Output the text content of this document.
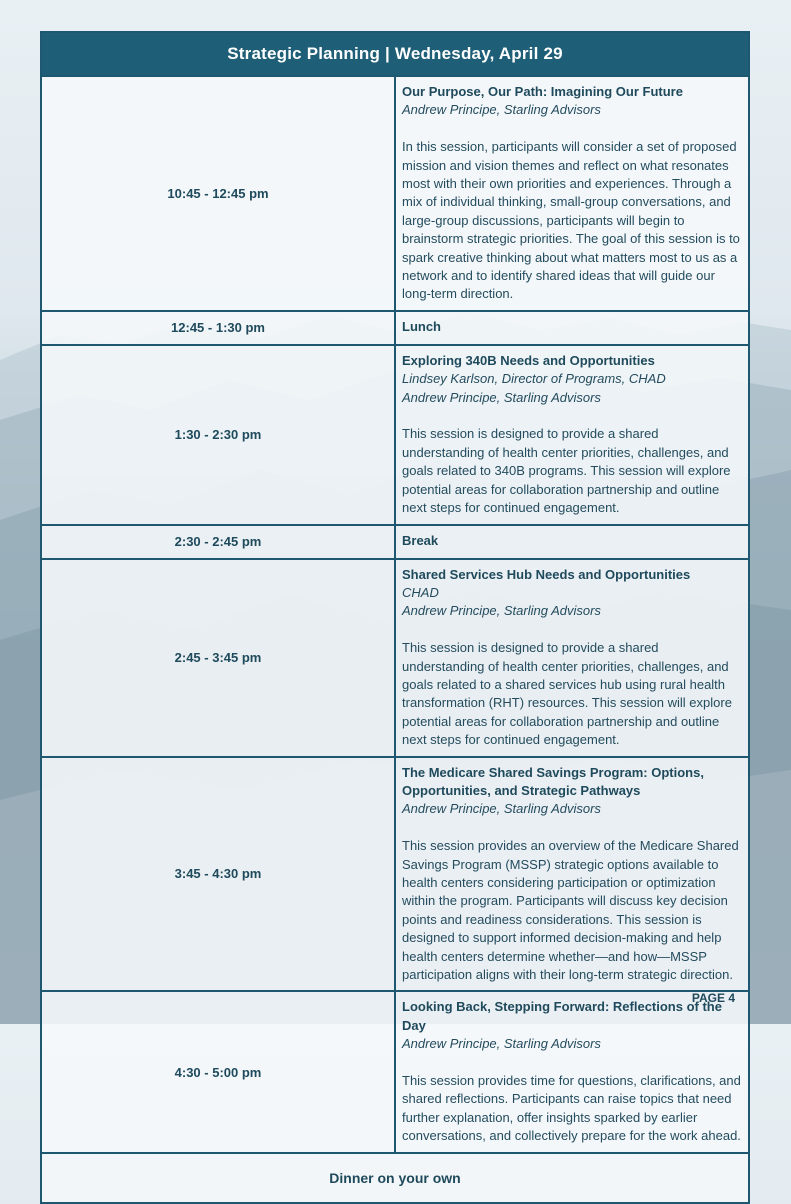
Strategic Planning | Wednesday, April 29	
10:45 - 12:45 pm	Our Purpose, Our Path: Imagining Our Future
Andrew Principe, Starling Advisors
In this session, participants will consider a set of proposed mission and vision themes and reflect on what resonates most with their own priorities and experiences. Through a mix of individual thinking, small-group conversations, and large-group discussions, participants will begin to brainstorm strategic priorities. The goal of this session is to spark creative thinking about what matters most to us as a network and to identify shared ideas that will guide our long-term direction.

12:45 - 1:30 pm	Lunch

1:30 - 2:30 pm	Exploring 340B Needs and Opportunities
Lindsey Karlson, Director of Programs, CHAD
Andrew Principe, Starling Advisors
This session is designed to provide a shared understanding of health center priorities, challenges, and goals related to 340B programs. This session will explore potential areas for collaboration partnership and outline next steps for continued engagement.

2:30 - 2:45 pm	Break

2:45 - 3:45 pm	Shared Services Hub Needs and Opportunities
CHAD
Andrew Principe, Starling Advisors
This session is designed to provide a shared understanding of health center priorities, challenges, and goals related to a shared services hub using rural health transformation (RHT) resources. This session will explore potential areas for collaboration partnership and outline next steps for continued engagement.

3:45 - 4:30 pm	The Medicare Shared Savings Program: Options, Opportunities, and Strategic Pathways
Andrew Principe, Starling Advisors
This session provides an overview of the Medicare Shared Savings Program (MSSP) strategic options available to health centers considering participation or optimization within the program. Participants will discuss key decision points and readiness considerations. This session is designed to support informed decision-making and help health centers determine whether—and how—MSSP participation aligns with their long-term strategic direction.

4:30 - 5:00 pm	Looking Back, Stepping Forward: Reflections of the Day
Andrew Principe, Starling Advisors
This session provides time for questions, clarifications, and shared reflections. Participants can raise topics that need further explanation, offer insights sparked by earlier conversations, and collectively prepare for the work ahead.

Dinner on your own	
PAGE 4
